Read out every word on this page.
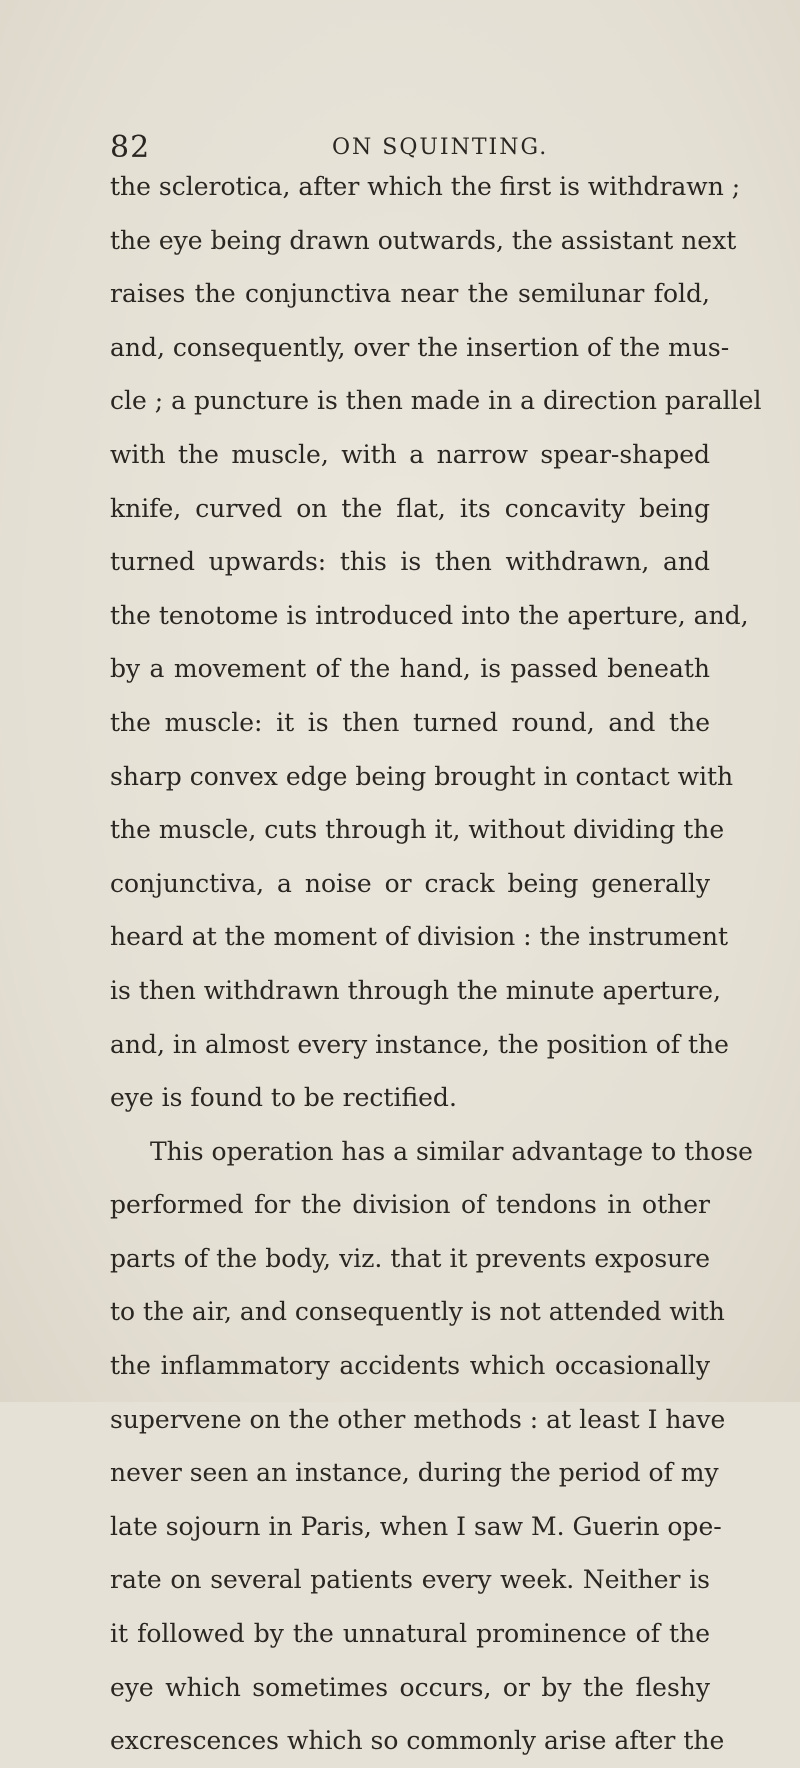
82	ON SQUINTING.
the sclerotica, after which the first is withdrawn ;
the eye being drawn outwards, the assistant next
raises the conjunctiva near the semilunar fold,
and, consequently, over the insertion of the mus-
cle ; a puncture is then made in a direction parallel
with the muscle, with a narrow spear-shaped
knife, curved on the flat, its concavity being
turned upwards: this is then withdrawn, and
the tenotome is introduced into the aperture, and,
by a movement of the hand, is passed beneath
the muscle: it is then turned round, and the
sharp convex edge being brought in contact with
the muscle, cuts through it, without dividing the
conjunctiva, a noise or crack being generally
heard at the moment of division : the instrument
is then withdrawn through the minute aperture,
and, in almost every instance, the position of the
eye is found to be rectified.
This operation has a similar advantage to those
performed for the division of tendons in other
parts of the body, viz. that it prevents exposure
to the air, and consequently is not attended with
the inflammatory accidents which occasionally
supervene on the other methods : at least I have
never seen an instance, during the period of my
late sojourn in Paris, when I saw M. Guerin ope-
rate on several patients every week. Neither is
it followed by the unnatural prominence of the
eye which sometimes occurs, or by the fleshy
excrescences which so commonly arise after the
